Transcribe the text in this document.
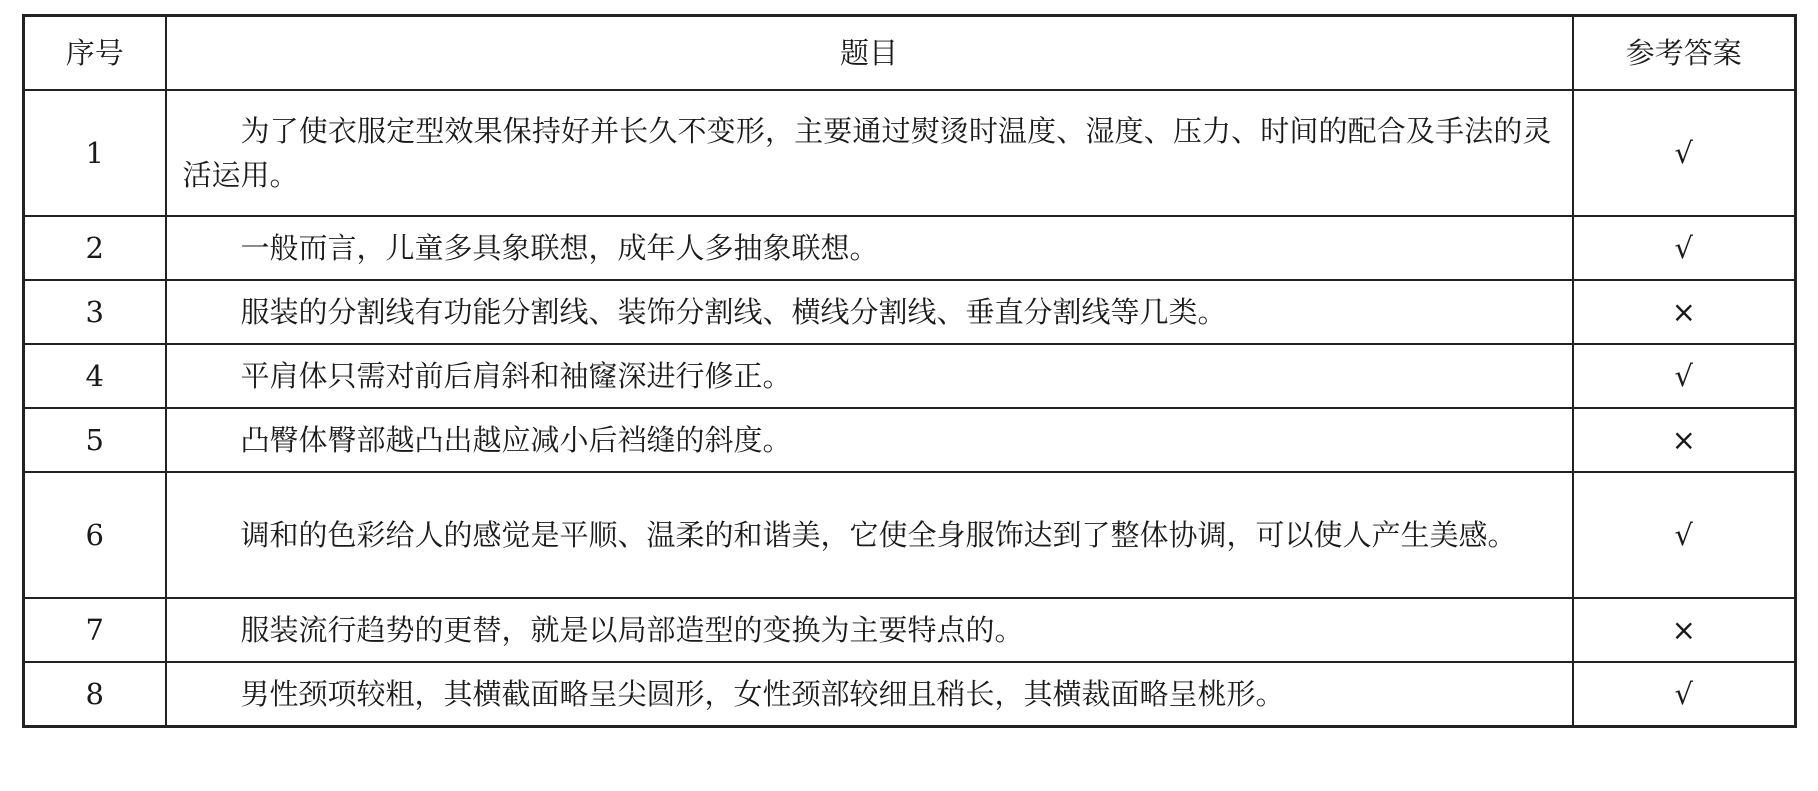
序号	题目	参考答案
1	为了使衣服定型效果保持好并长久不变形，主要通过熨烫时温度、湿度、压力、时间的配合及手法的灵活运用。	√
2	一般而言，儿童多具象联想，成年人多抽象联想。	√
3	服装的分割线有功能分割线、装饰分割线、横线分割线、垂直分割线等几类。	×
4	平肩体只需对前后肩斜和袖窿深进行修正。	√
5	凸臀体臀部越凸出越应减小后裆缝的斜度。	×
6	调和的色彩给人的感觉是平顺、温柔的和谐美，它使全身服饰达到了整体协调，可以使人产生美感。	√
7	服装流行趋势的更替，就是以局部造型的变换为主要特点的。	×
8	男性颈项较粗，其横截面略呈尖圆形，女性颈部较细且稍长，其横裁面略呈桃形。	√
